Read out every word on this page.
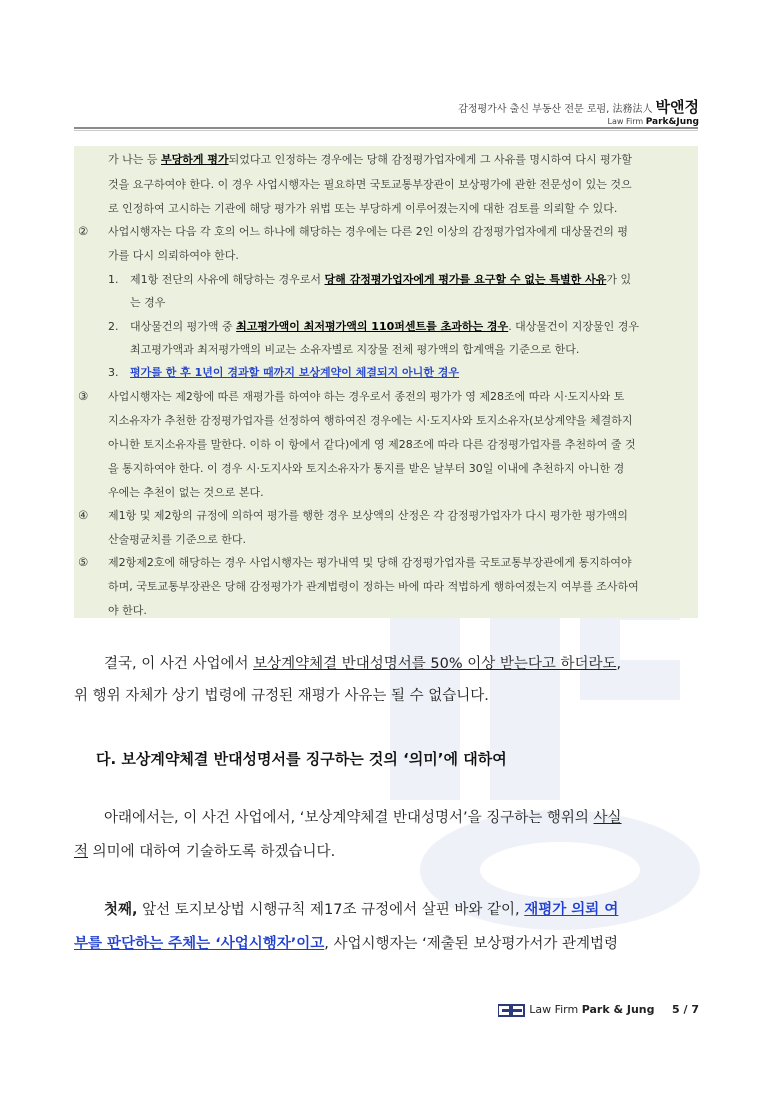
감정평가사 출신 부동산 전문 로펌, 法務法人 박앤정
Law Firm Park&Jung
가 나는 등 부당하게 평가되었다고 인정하는 경우에는 당해 감정평가업자에게 그 사유를 명시하여 다시 평가할
것을 요구하여야 한다. 이 경우 사업시행자는 필요하면 국토교통부장관이 보상평가에 관한 전문성이 있는 것으
로 인정하여 고시하는 기관에 해당 평가가 위법 또는 부당하게 이루어졌는지에 대한 검토를 의뢰할 수 있다.
② 사업시행자는 다음 각 호의 어느 하나에 해당하는 경우에는 다른 2인 이상의 감정평가업자에게 대상물건의 평
가를 다시 의뢰하여야 한다.
1. 제1항 전단의 사유에 해당하는 경우로서 당해 감정평가업자에게 평가를 요구할 수 없는 특별한 사유가 있
는 경우
2. 대상물건의 평가액 중 최고평가액이 최저평가액의 110퍼센트를 초과하는 경우. 대상물건이 지장물인 경우
최고평가액과 최저평가액의 비교는 소유자별로 지장물 전체 평가액의 합계액을 기준으로 한다.
3. 평가를 한 후 1년이 경과할 때까지 보상계약이 체결되지 아니한 경우
③ 사업시행자는 제2항에 따른 재평가를 하여야 하는 경우로서 종전의 평가가 영 제28조에 따라 시·도지사와 토
지소유자가 추천한 감정평가업자를 선정하여 행하여진 경우에는 시·도지사와 토지소유자(보상계약을 체결하지
아니한 토지소유자를 말한다. 이하 이 항에서 같다)에게 영 제28조에 따라 다른 감정평가업자를 추천하여 줄 것
을 통지하여야 한다. 이 경우 시·도지사와 토지소유자가 통지를 받은 날부터 30일 이내에 추천하지 아니한 경
우에는 추천이 없는 것으로 본다.
④ 제1항 및 제2항의 규정에 의하여 평가를 행한 경우 보상액의 산정은 각 감정평가업자가 다시 평가한 평가액의
산술평균치를 기준으로 한다.
⑤ 제2항제2호에 해당하는 경우 사업시행자는 평가내역 및 당해 감정평가업자를 국토교통부장관에게 통지하여야
하며, 국토교통부장관은 당해 감정평가가 관계법령이 정하는 바에 따라 적법하게 행하여졌는지 여부를 조사하여
야 한다.
결국, 이 사건 사업에서 보상계약체결 반대성명서를 50% 이상 받는다고 하더라도,
위 행위 자체가 상기 법령에 규정된 재평가 사유는 될 수 없습니다.
다. 보상계약체결 반대성명서를 징구하는 것의 ‘의미’에 대하여
아래에서는, 이 사건 사업에서, ‘보상계약체결 반대성명서’을 징구하는 행위의 사실
적 의미에 대하여 기술하도록 하겠습니다.
첫째, 앞선 토지보상법 시행규칙 제17조 규정에서 살핀 바와 같이, 재평가 의뢰 여
부를 판단하는 주체는 ‘사업시행자’이고, 사업시행자는 ‘제출된 보상평가서가 관계법령
Law Firm Park & Jung 5 / 7
